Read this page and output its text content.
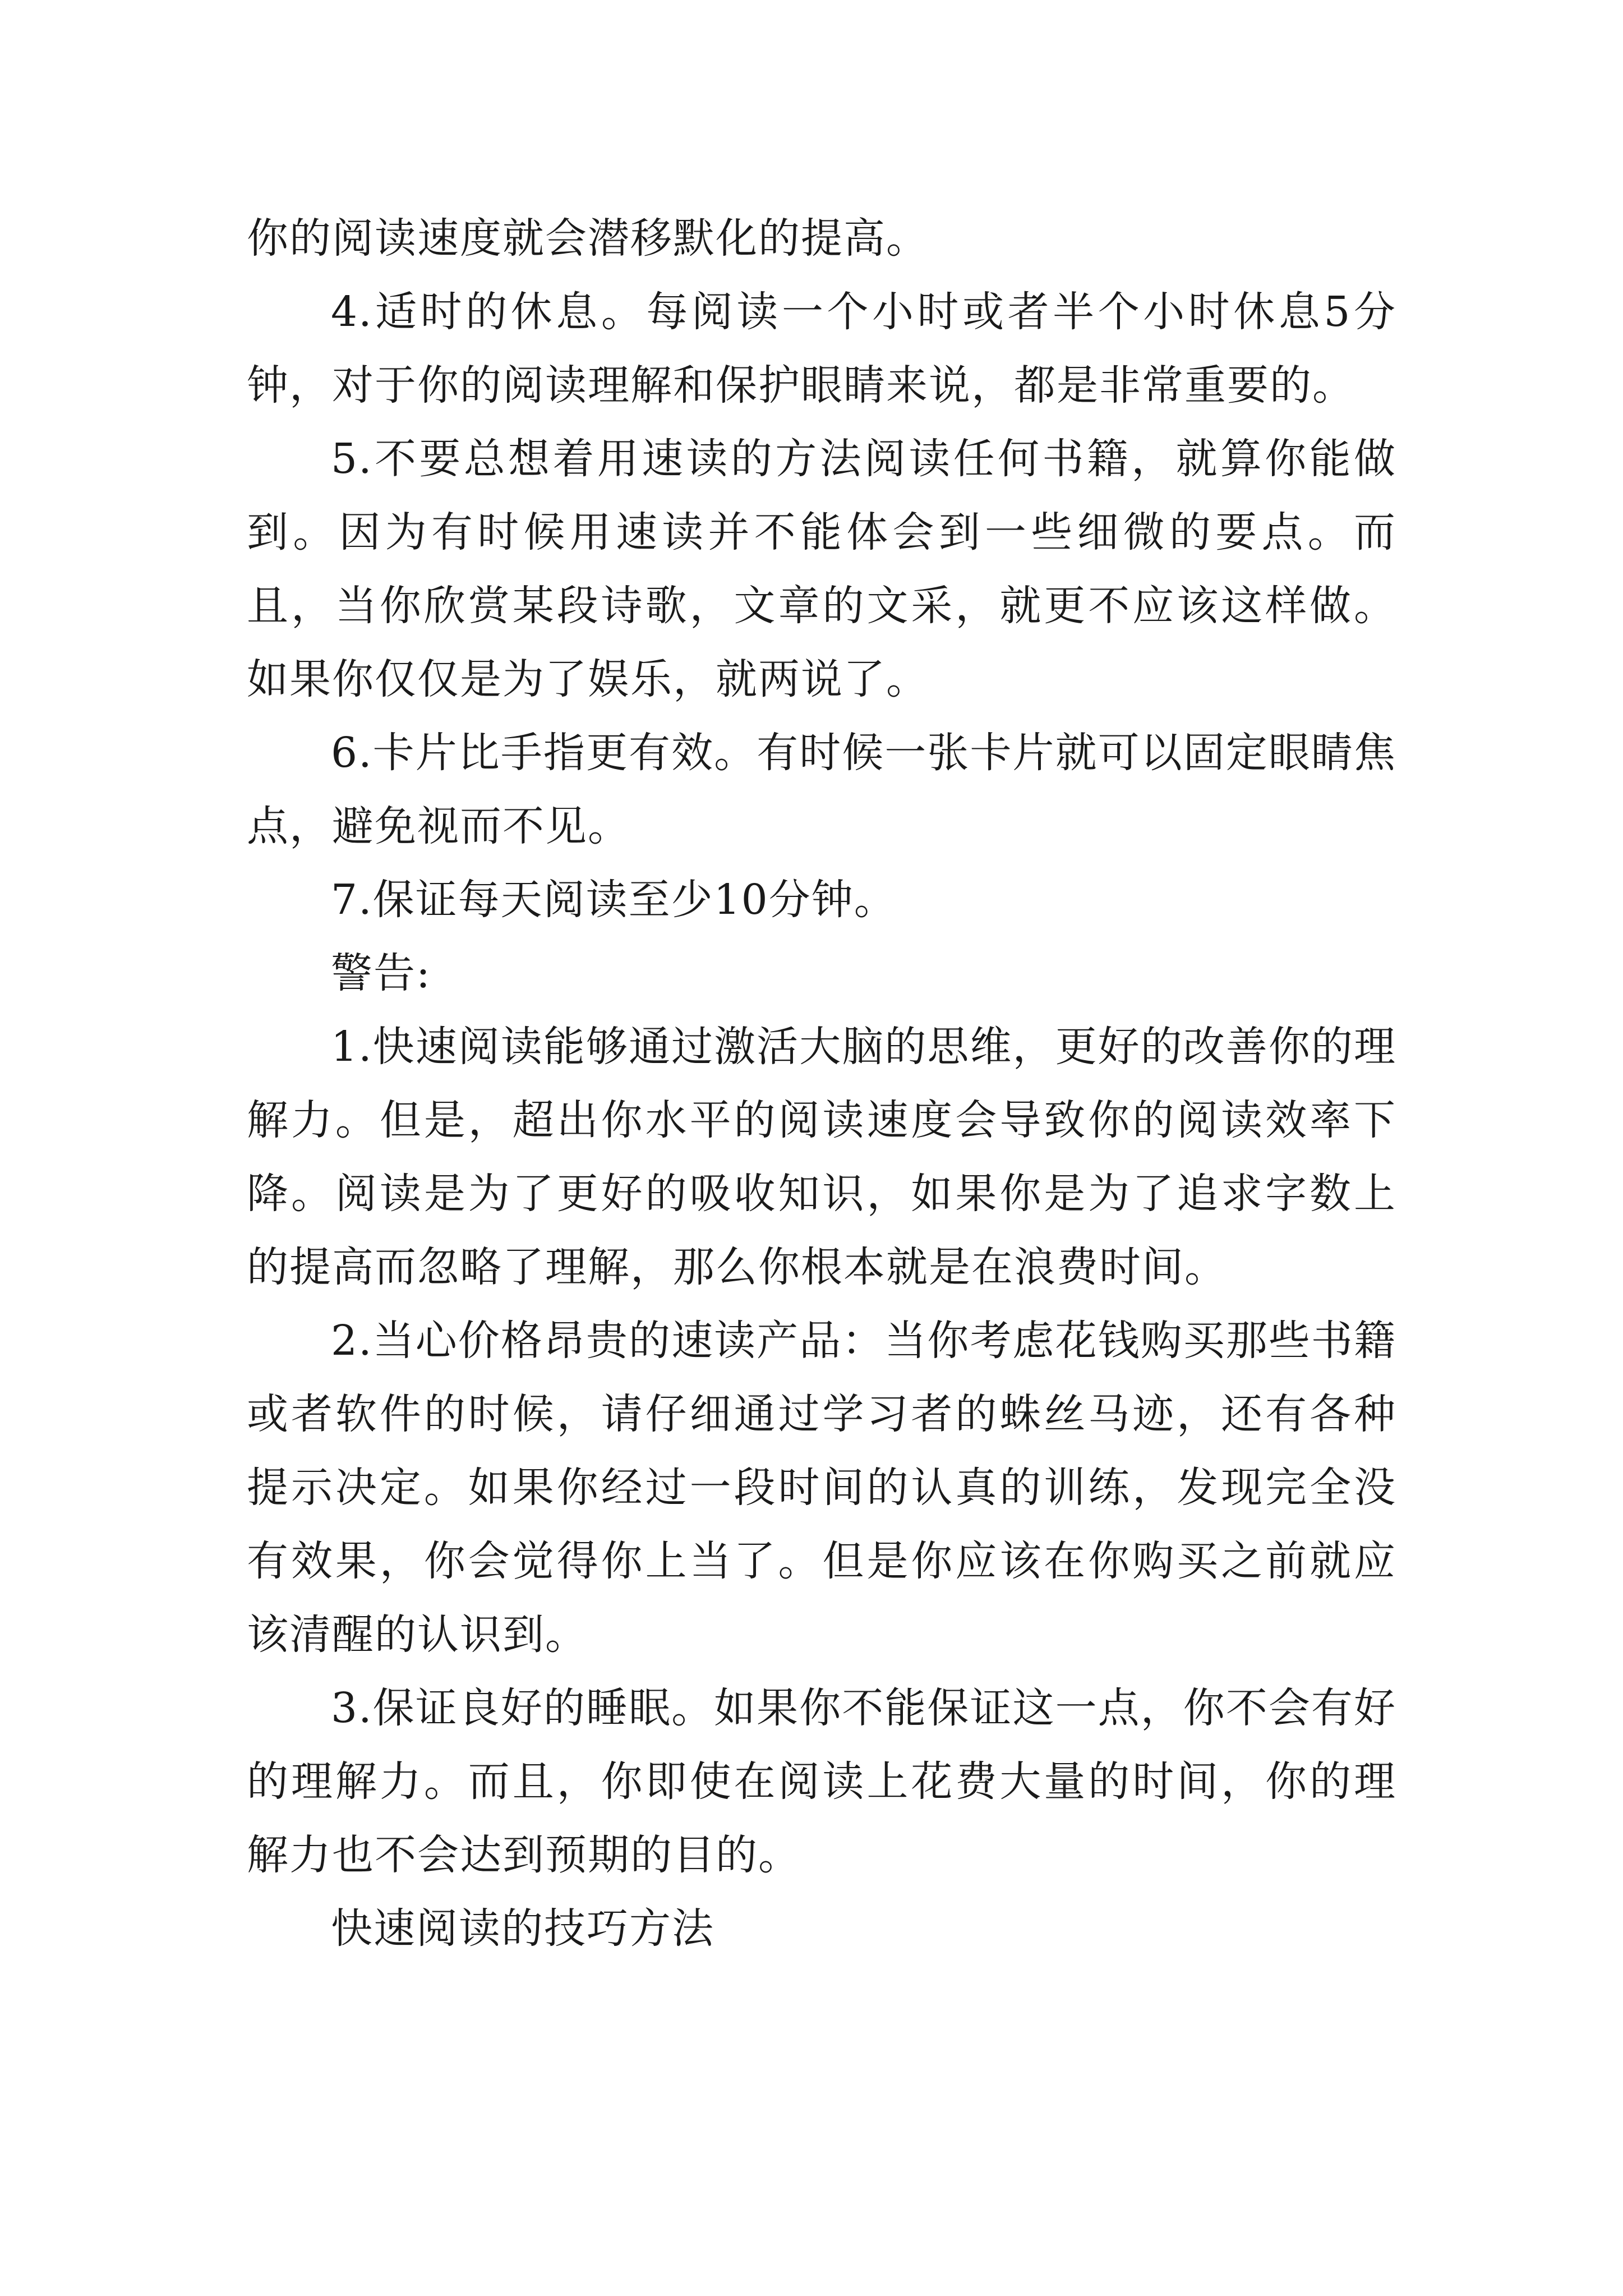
你的阅读速度就会潜移默化的提高。

4.适时的休息。每阅读一个小时或者半个小时休息5分钟，对于你的阅读理解和保护眼睛来说，都是非常重要的。

5.不要总想着用速读的方法阅读任何书籍，就算你能做到。因为有时候用速读并不能体会到一些细微的要点。而且，当你欣赏某段诗歌，文章的文采，就更不应该这样做。如果你仅仅是为了娱乐，就两说了。

6.卡片比手指更有效。有时候一张卡片就可以固定眼睛焦点，避免视而不见。

7.保证每天阅读至少10分钟。

警告:

1.快速阅读能够通过激活大脑的思维，更好的改善你的理解力。但是，超出你水平的阅读速度会导致你的阅读效率下降。阅读是为了更好的吸收知识，如果你是为了追求字数上的提高而忽略了理解，那么你根本就是在浪费时间。

2.当心价格昂贵的速读产品：当你考虑花钱购买那些书籍或者软件的时候，请仔细通过学习者的蛛丝马迹，还有各种提示决定。如果你经过一段时间的认真的训练，发现完全没有效果，你会觉得你上当了。但是你应该在你购买之前就应该清醒的认识到。

3.保证良好的睡眠。如果你不能保证这一点，你不会有好的理解力。而且，你即使在阅读上花费大量的时间，你的理解力也不会达到预期的目的。

快速阅读的技巧方法
